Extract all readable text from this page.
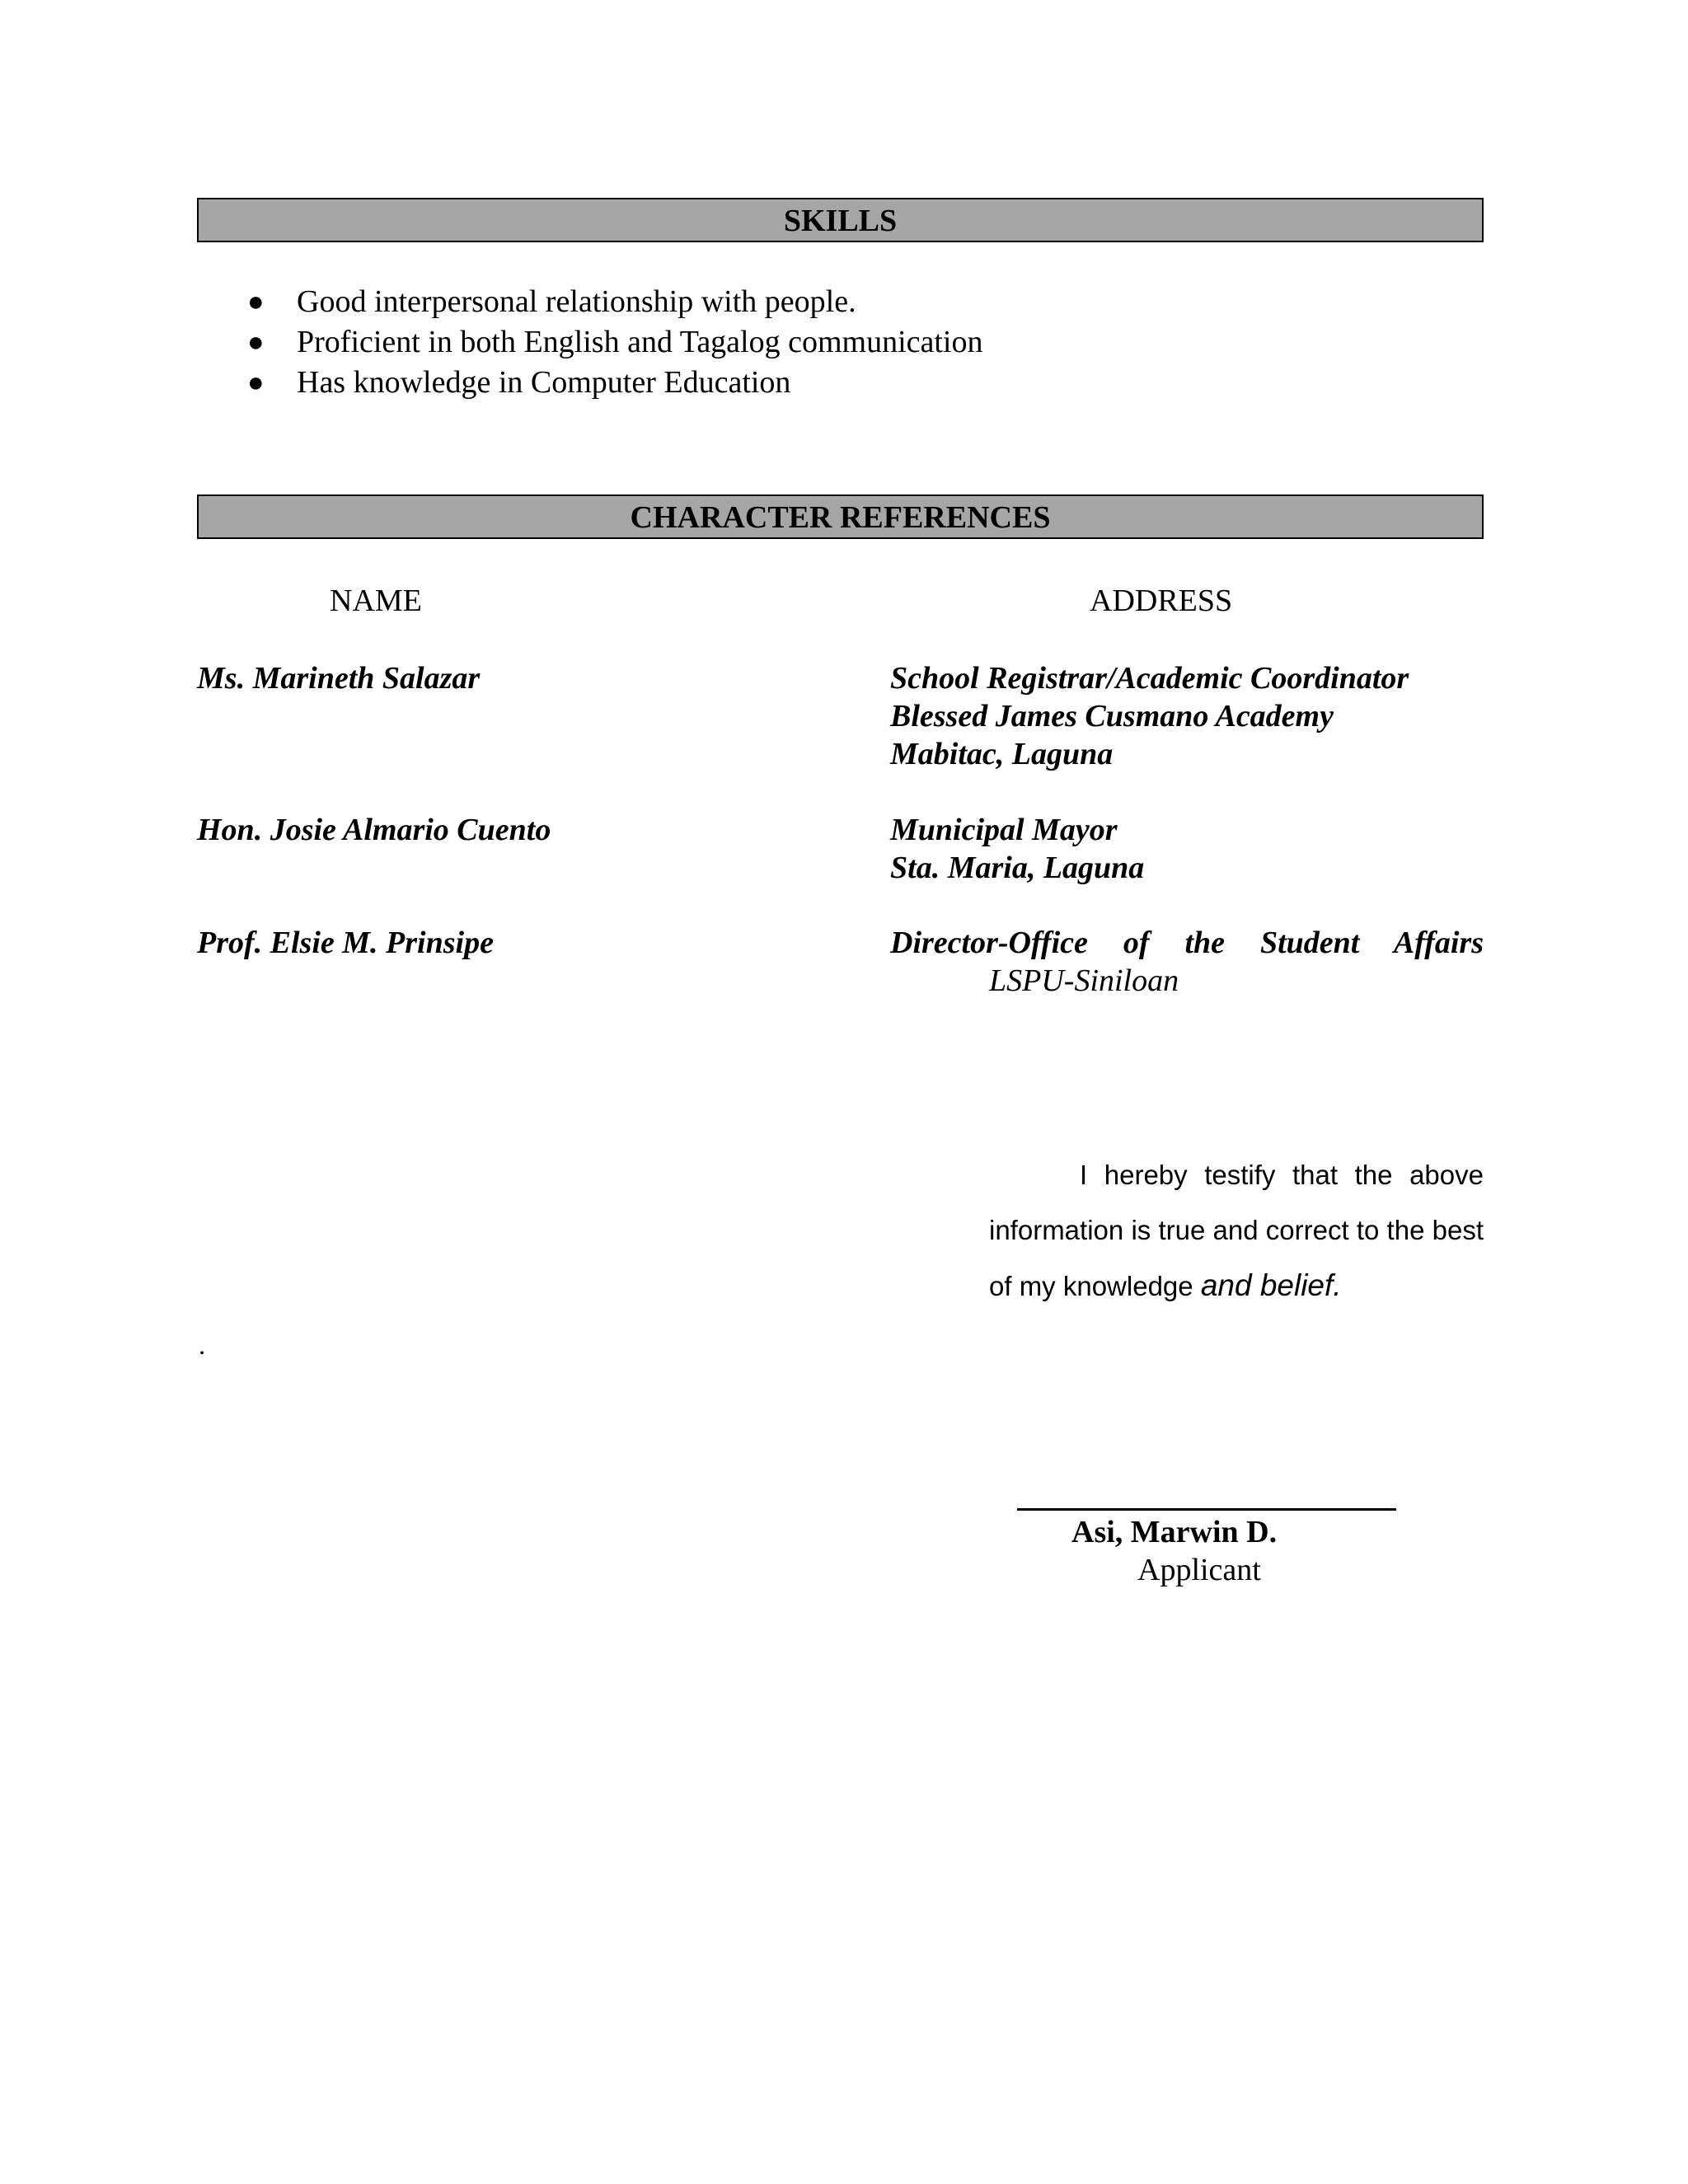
SKILLS
● Good interpersonal relationship with people.
● Proficient in both English and Tagalog communication
● Has knowledge in Computer Education
CHARACTER REFERENCES
NAME	ADDRESS
Ms. Marineth Salazar	School Registrar/Academic Coordinator
Blessed James Cusmano Academy
Mabitac, Laguna
Hon. Josie Almario Cuento	Municipal Mayor
Sta. Maria, Laguna
Prof. Elsie M. Prinsipe	Director-Office of the Student Affairs
LSPU-Siniloan
I hereby testify that the above information is true and correct to the best of my knowledge and belief.
.
Asi, Marwin D.
Applicant
